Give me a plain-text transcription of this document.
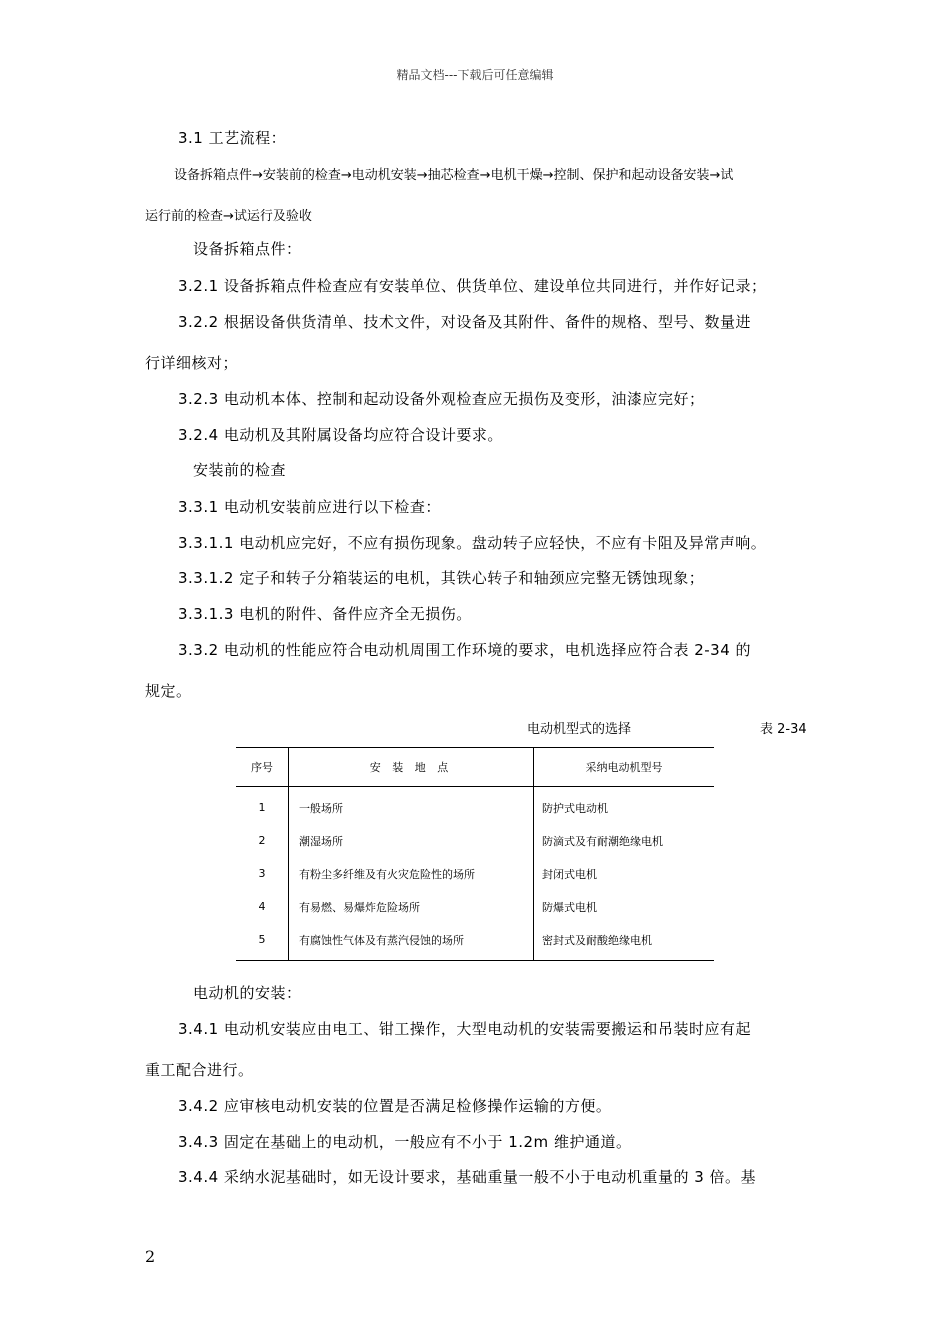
精品文档---下载后可任意编辑
3.1 工艺流程：
设备拆箱点件→安装前的检查→电动机安装→抽芯检查→电机干燥→控制、保护和起动设备安装→试
运行前的检查→试运行及验收
设备拆箱点件：
3.2.1 设备拆箱点件检查应有安装单位、供货单位、建设单位共同进行，并作好记录；
3.2.2 根据设备供货清单、技术文件，对设备及其附件、备件的规格、型号、数量进
行详细核对；
3.2.3 电动机本体、控制和起动设备外观检查应无损伤及变形，油漆应完好；
3.2.4 电动机及其附属设备均应符合设计要求。
安装前的检查
3.3.1 电动机安装前应进行以下检查：
3.3.1.1 电动机应完好，不应有损伤现象。盘动转子应轻快，不应有卡阻及异常声响。
3.3.1.2 定子和转子分箱装运的电机，其铁心转子和轴颈应完整无锈蚀现象；
3.3.1.3 电机的附件、备件应齐全无损伤。
3.3.2 电动机的性能应符合电动机周围工作环境的要求，电机选择应符合表 2-34 的
规定。
电动机型式的选择	表 2-34
序号	安 装 地 点	采纳电动机型号
1	一般场所	防护式电动机
2	潮湿场所	防滴式及有耐潮绝缘电机
3	有粉尘多纤维及有火灾危险性的场所	封闭式电机
4	有易燃、易爆炸危险场所	防爆式电机
5	有腐蚀性气体及有蒸汽侵蚀的场所	密封式及耐酸绝缘电机
电动机的安装：
3.4.1 电动机安装应由电工、钳工操作，大型电动机的安装需要搬运和吊装时应有起
重工配合进行。
3.4.2 应审核电动机安装的位置是否满足检修操作运输的方便。
3.4.3 固定在基础上的电动机，一般应有不小于 1.2m 维护通道。
3.4.4 采纳水泥基础时，如无设计要求，基础重量一般不小于电动机重量的 3 倍。基
2
